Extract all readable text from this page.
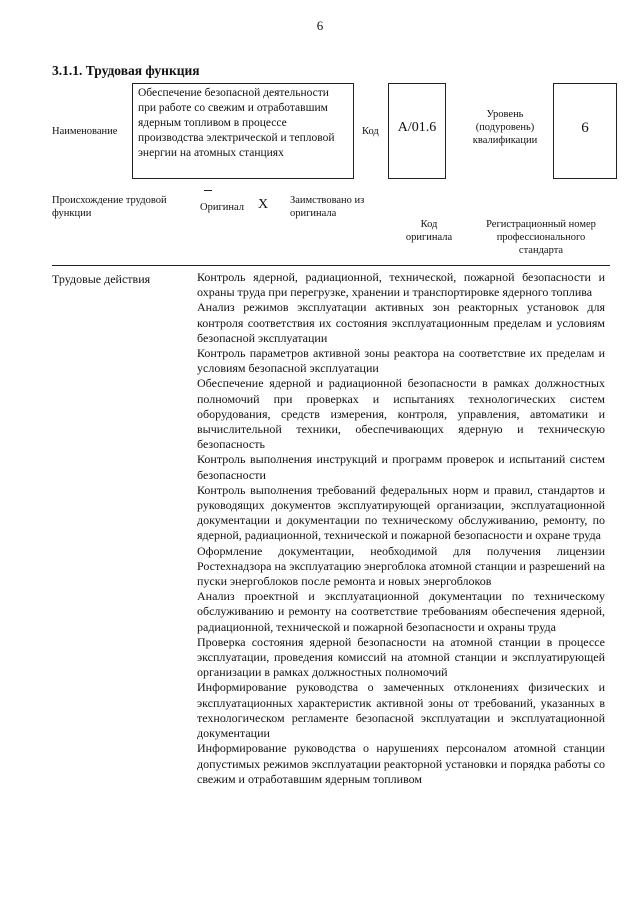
6
3.1.1. Трудовая функция
Наименование
Обеспечение безопасной деятельности при работе со свежим и отработавшим ядерным топливом в процессе производства электрической и тепловой энергии на атомных станциях
Код	A/01.6
Уровень (подуровень) квалификации
6
Происхождение трудовой функции
Оригинал X Заимствовано из оригинала
Код оригинала
Регистрационный номер профессионального стандарта
Трудовые действия	Контроль ядерной, радиационной, технической, пожарной безопасности и охраны труда при перегрузке, хранении и транспортировке ядерного топлива
Анализ режимов эксплуатации активных зон реакторных установок для контроля соответствия их состояния эксплуатационным пределам и условиям безопасной эксплуатации
Контроль параметров активной зоны реактора на соответствие их пределам и условиям безопасной эксплуатации
Обеспечение ядерной и радиационной безопасности в рамках должностных полномочий при проверках и испытаниях технологических систем оборудования, средств измерения, контроля, управления, автоматики и вычислительной техники, обеспечивающих ядерную и техническую безопасность
Контроль выполнения инструкций и программ проверок и испытаний систем безопасности
Контроль выполнения требований федеральных норм и правил, стандартов и руководящих документов эксплуатирующей организации, эксплуатационной документации и документации по техническому обслуживанию, ремонту, по ядерной, радиационной, технической и пожарной безопасности и охране труда
Оформление документации, необходимой для получения лицензии Ростехнадзора на эксплуатацию энергоблока атомной станции и разрешений на пуски энергоблоков после ремонта и новых энергоблоков
Анализ проектной и эксплуатационной документации по техническому обслуживанию и ремонту на соответствие требованиям обеспечения ядерной, радиационной, технической и пожарной безопасности и охраны труда
Проверка состояния ядерной безопасности на атомной станции в процессе эксплуатации, проведения комиссий на атомной станции и эксплуатирующей организации в рамках должностных полномочий
Информирование руководства о замеченных отклонениях физических и эксплуатационных характеристик активной зоны от требований, указанных в технологическом регламенте безопасной эксплуатации и эксплуатационной документации
Информирование руководства о нарушениях персоналом атомной станции допустимых режимов эксплуатации реакторной установки и порядка работы со свежим и отработавшим ядерным топливом
